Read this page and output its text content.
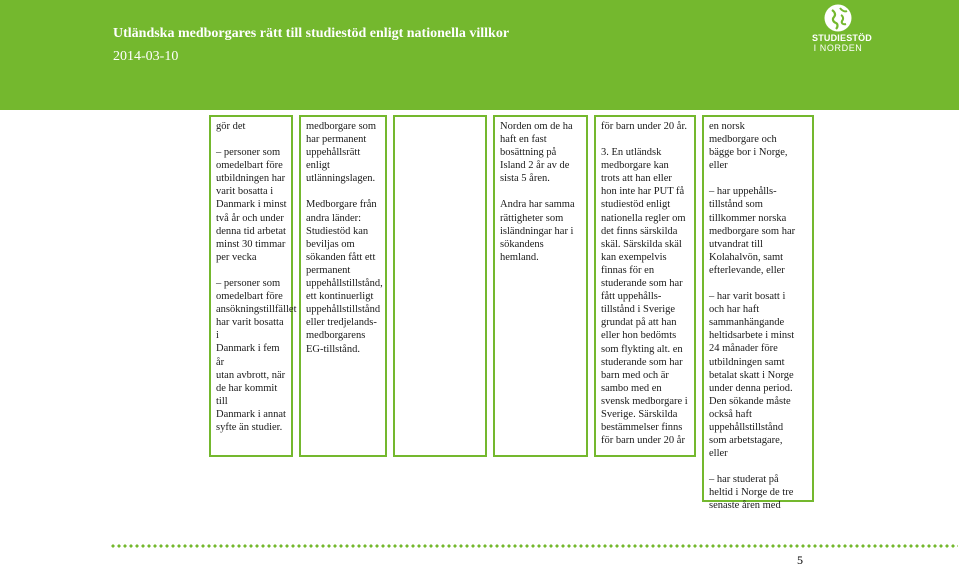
Utländska medborgares rätt till studiestöd enligt nationella villkor
2014-03-10
STUDIESTÖD
I NORDEN

gör det

– personer som

omedelbart före

utbildningen har

varit bosatta i

Danmark i minst

två år och under

denna tid arbetat

minst 30 timmar

per vecka

– personer som

omedelbart före

ansökningstillfället

har varit bosatta i

Danmark i fem år

utan avbrott, när

de har kommit till

Danmark i annat

syfte än studier.

medborgare som

har permanent

uppehållsrätt enligt

utlänningslagen.

Medborgare från

andra länder:

Studiestöd kan

beviljas om

sökanden fått ett

permanent

uppehållstillstånd,

ett kontinuerligt

uppehållstillstånd

eller tredjelands-

medborgarens

EG-tillstånd.

Norden om de ha

haft en fast

bosättning på

Island 2 år av de

sista 5 åren.

Andra har samma

rättigheter som

isländningar har i

sökandens

hemland.

för barn under 20 år.

3. En utländsk

medborgare kan

trots att han eller

hon inte har PUT få

studiestöd enligt

nationella regler om

det finns särskilda

skäl. Särskilda skäl

kan exempelvis

finnas för en

studerande som har

fått uppehålls-

tillstånd i Sverige

grundat på att han

eller hon bedömts

som flykting alt. en

studerande som har

barn med och är

sambo med en

svensk medborgare i

Sverige. Särskilda

bestämmelser finns

för barn under 20 år

en norsk

medborgare och

bägge bor i Norge,

eller

– har uppehålls-

tillstånd som

tillkommer norska

medborgare som har

utvandrat till

Kolahalvön, samt

efterlevande, eller

– har varit bosatt i

och har haft

sammanhängande

heltidsarbete i minst

24 månader före

utbildningen samt

betalat skatt i Norge

under denna period.

Den sökande måste

också haft

uppehållstillstånd

som arbetstagare,

eller

– har studerat på

heltid i Norge de tre

senaste åren med

5
